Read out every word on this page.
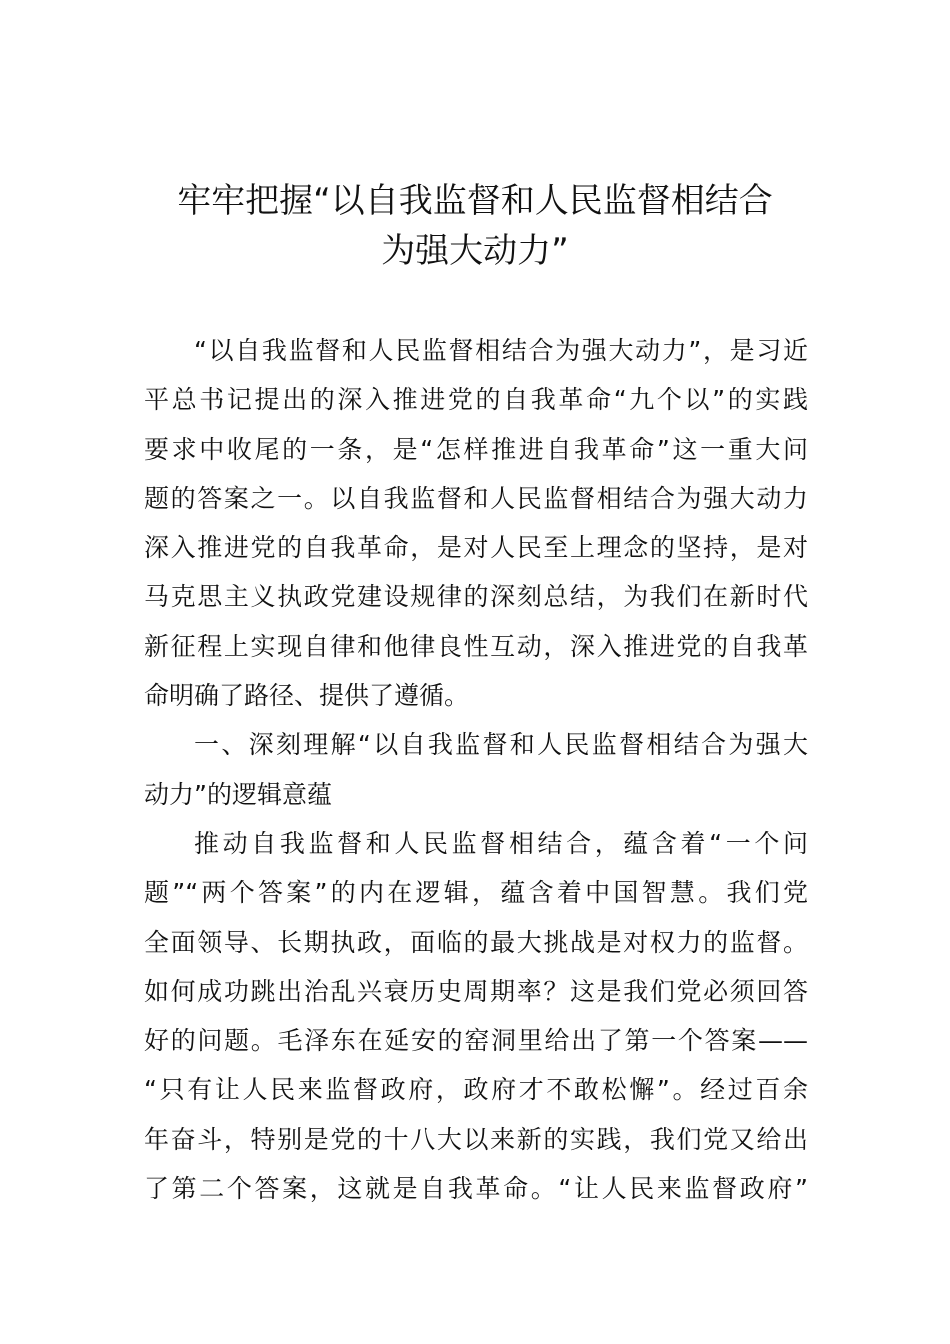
牢牢把握“以自我监督和人民监督相结合
为强大动力”
“以自我监督和人民监督相结合为强大动力”，是习近
平总书记提出的深入推进党的自我革命“九个以”的实践
要求中收尾的一条，是“怎样推进自我革命”这一重大问
题的答案之一。以自我监督和人民监督相结合为强大动力
深入推进党的自我革命，是对人民至上理念的坚持，是对
马克思主义执政党建设规律的深刻总结，为我们在新时代
新征程上实现自律和他律良性互动，深入推进党的自我革
命明确了路径、提供了遵循。
一、深刻理解“以自我监督和人民监督相结合为强大
动力”的逻辑意蕴
推动自我监督和人民监督相结合，蕴含着“一个问
题”“两个答案”的内在逻辑，蕴含着中国智慧。我们党
全面领导、长期执政，面临的最大挑战是对权力的监督。
如何成功跳出治乱兴衰历史周期率？这是我们党必须回答
好的问题。毛泽东在延安的窑洞里给出了第一个答案——
“只有让人民来监督政府，政府才不敢松懈”。经过百余
年奋斗，特别是党的十八大以来新的实践，我们党又给出
了第二个答案，这就是自我革命。“让人民来监督政府”
